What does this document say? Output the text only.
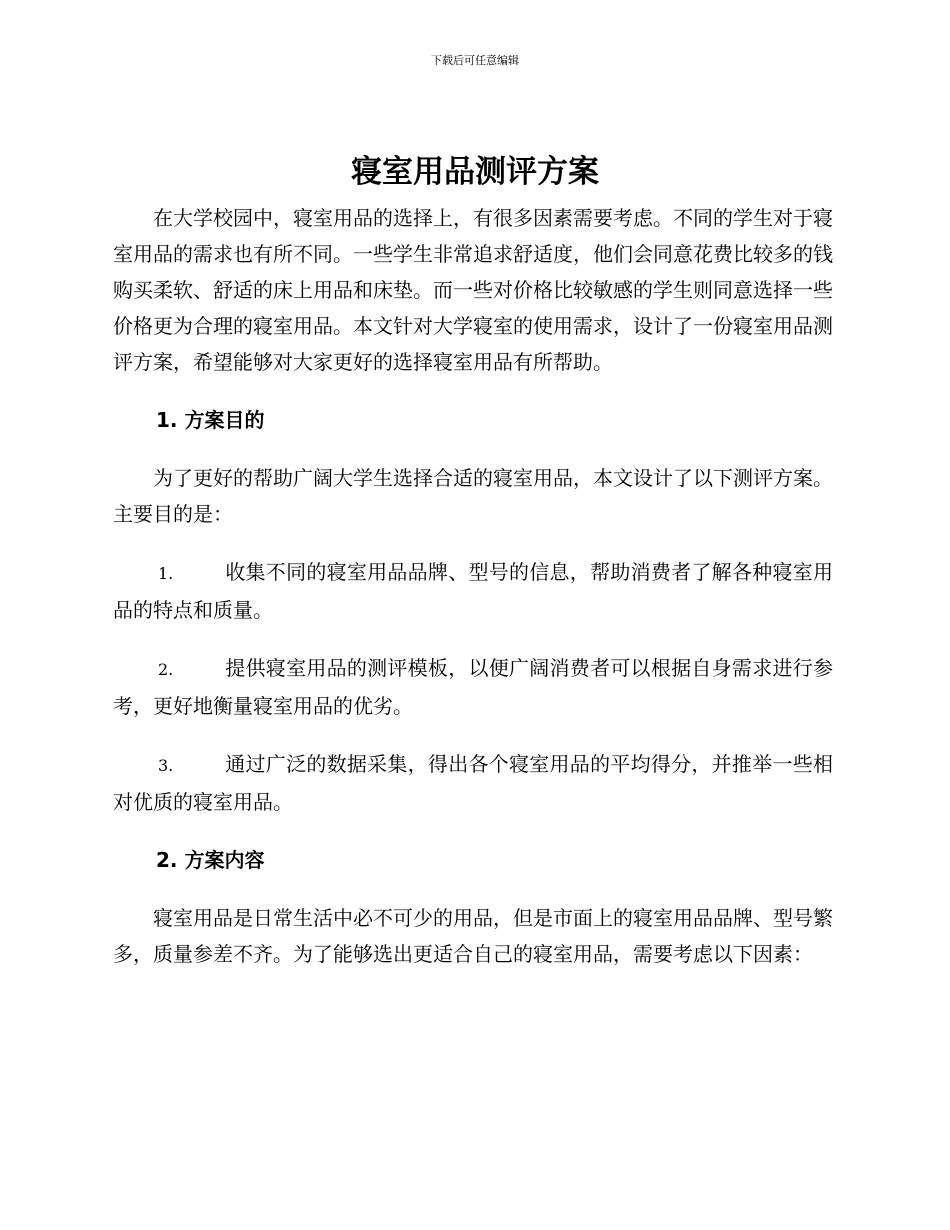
下载后可任意编辑
寝室用品测评方案

在大学校园中，寝室用品的选择上，有很多因素需要考虑。不同的学生对于寝室用品的需求也有所不同。一些学生非常追求舒适度，他们会同意花费比较多的钱购买柔软、舒适的床上用品和床垫。而一些对价格比较敏感的学生则同意选择一些价格更为合理的寝室用品。本文针对大学寝室的使用需求，设计了一份寝室用品测评方案，希望能够对大家更好的选择寝室用品有所帮助。

1. 方案目的

为了更好的帮助广阔大学生选择合适的寝室用品，本文设计了以下测评方案。主要目的是：

1.	收集不同的寝室用品品牌、型号的信息，帮助消费者了解各种寝室用品的特点和质量。

2.	提供寝室用品的测评模板，以便广阔消费者可以根据自身需求进行参考，更好地衡量寝室用品的优劣。

3.	通过广泛的数据采集，得出各个寝室用品的平均得分，并推举一些相对优质的寝室用品。

2. 方案内容

寝室用品是日常生活中必不可少的用品，但是市面上的寝室用品品牌、型号繁多，质量参差不齐。为了能够选出更适合自己的寝室用品，需要考虑以下因素：
